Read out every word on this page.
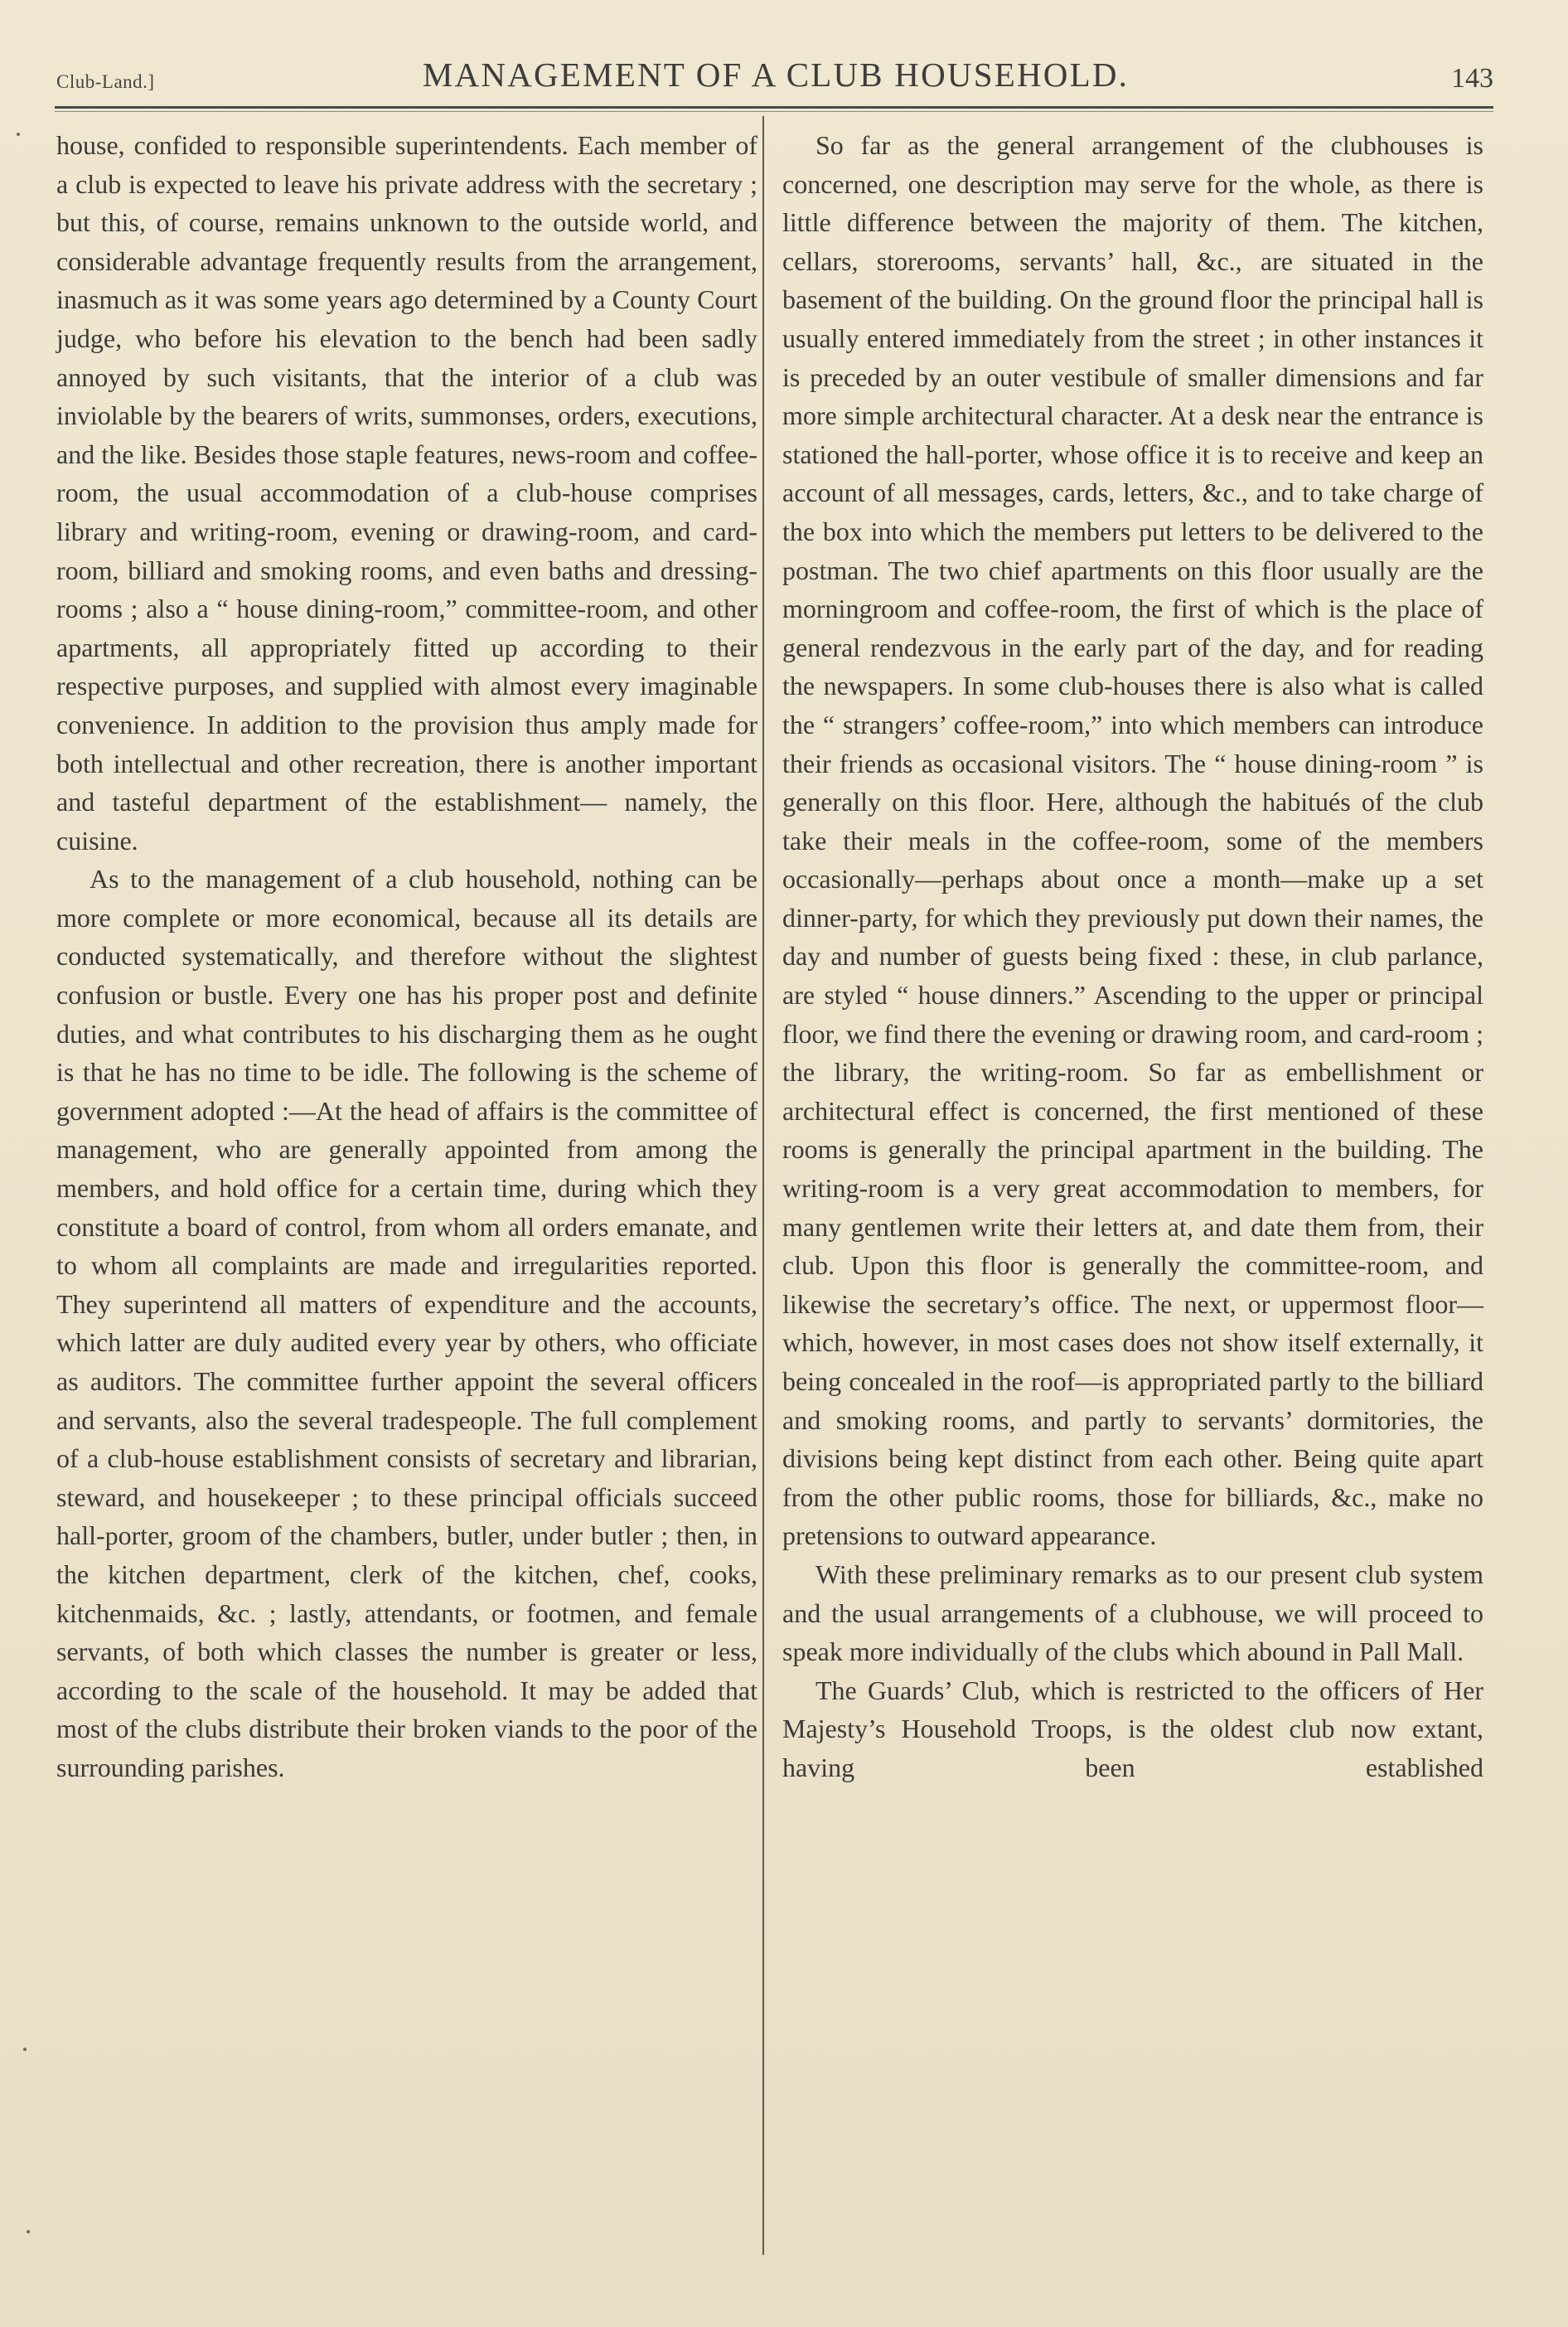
Club-Land.]	MANAGEMENT OF A CLUB HOUSEHOLD.	143

house, confided to responsible superintendents. Each member of a club is expected to leave his private address with the secretary ; but this, of course, remains unknown to the outside world, and considerable advantage frequently results from the arrangement, inasmuch as it was some years ago determined by a County Court judge, who before his elevation to the bench had been sadly annoyed by such visitants, that the interior of a club was inviolable by the bearers of writs, summonses, orders, executions, and the like. Besides those staple features, news-room and coffee-room, the usual accommodation of a club-house comprises library and writing-room, evening or drawing-room, and card-room, billiard and smoking rooms, and even baths and dressing-rooms ; also a “ house dining-room,” committee-room, and other apartments, all appropriately fitted up according to their respective purposes, and supplied with almost every imaginable convenience. In addition to the provision thus amply made for both intellectual and other recreation, there is another important and tasteful department of the establishment— namely, the cuisine.

As to the management of a club household, nothing can be more complete or more economical, because all its details are conducted systematically, and therefore without the slightest confusion or bustle. Every one has his proper post and definite duties, and what contributes to his discharging them as he ought is that he has no time to be idle. The following is the scheme of government adopted :—At the head of affairs is the committee of management, who are generally appointed from among the members, and hold office for a certain time, during which they constitute a board of control, from whom all orders emanate, and to whom all complaints are made and irregularities reported. They superintend all matters of expenditure and the accounts, which latter are duly audited every year by others, who officiate as auditors. The committee further appoint the several officers and servants, also the several tradespeople. The full complement of a club-house establishment consists of secretary and librarian, steward, and housekeeper ; to these principal officials succeed hall-porter, groom of the chambers, butler, under butler ; then, in the kitchen department, clerk of the kitchen, chef, cooks, kitchenmaids, &c. ; lastly, attendants, or footmen, and female servants, of both which classes the number is greater or less, according to the scale of the household. It may be added that most of the clubs distribute their broken viands to the poor of the surrounding parishes.

So far as the general arrangement of the clubhouses is concerned, one description may serve for the whole, as there is little difference between the majority of them. The kitchen, cellars, storerooms, servants’ hall, &c., are situated in the basement of the building. On the ground floor the principal hall is usually entered immediately from the street ; in other instances it is preceded by an outer vestibule of smaller dimensions and far more simple architectural character. At a desk near the entrance is stationed the hall-porter, whose office it is to receive and keep an account of all messages, cards, letters, &c., and to take charge of the box into which the members put letters to be delivered to the postman. The two chief apartments on this floor usually are the morningroom and coffee-room, the first of which is the place of general rendezvous in the early part of the day, and for reading the newspapers. In some club-houses there is also what is called the “ strangers’ coffee-room,” into which members can introduce their friends as occasional visitors. The “ house dining-room ” is generally on this floor. Here, although the habitués of the club take their meals in the coffee-room, some of the members occasionally—perhaps about once a month—make up a set dinner-party, for which they previously put down their names, the day and number of guests being fixed : these, in club parlance, are styled “ house dinners.” Ascending to the upper or principal floor, we find there the evening or drawing room, and card-room ; the library, the writing-room. So far as embellishment or architectural effect is concerned, the first mentioned of these rooms is generally the principal apartment in the building. The writing-room is a very great accommodation to members, for many gentlemen write their letters at, and date them from, their club. Upon this floor is generally the committee-room, and likewise the secretary’s office. The next, or uppermost floor—which, however, in most cases does not show itself externally, it being concealed in the roof—is appropriated partly to the billiard and smoking rooms, and partly to servants’ dormitories, the divisions being kept distinct from each other. Being quite apart from the other public rooms, those for billiards, &c., make no pretensions to outward appearance.

With these preliminary remarks as to our present club system and the usual arrangements of a clubhouse, we will proceed to speak more individually of the clubs which abound in Pall Mall.

The Guards’ Club, which is restricted to the officers of Her Majesty’s Household Troops, is the oldest club now extant, having been established
